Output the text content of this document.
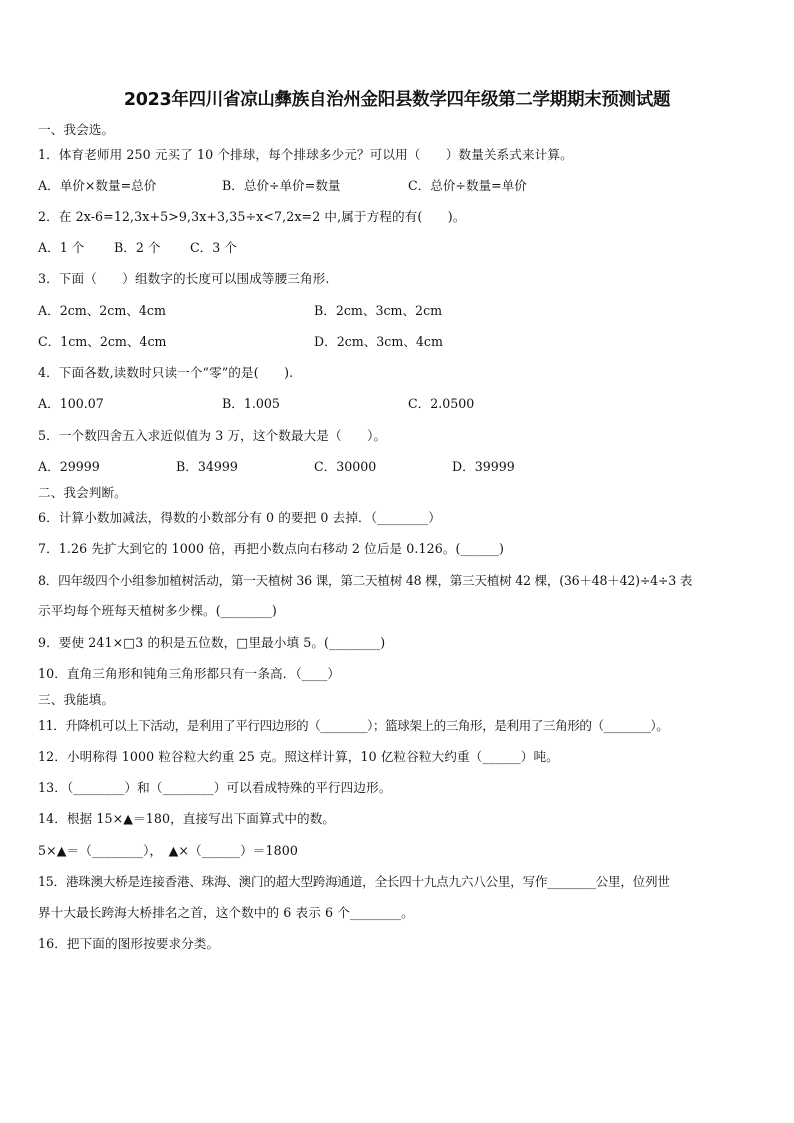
2023年四川省凉山彝族自治州金阳县数学四年级第二学期期末预测试题
一、我会选。
1．体育老师用 250 元买了 10 个排球，每个排球多少元？可以用（　　）数量关系式来计算。
A．单价×数量=总价	B．总价÷单价=数量	C．总价÷数量=单价
2．在 2x-6=12,3x+5>9,3x+3,35÷x<7,2x=2 中,属于方程的有(　　)。
A．1 个 B．2 个 C．3 个
3．下面（　　）组数字的长度可以围成等腰三角形.
A．2cm、2cm、4cm	B．2cm、3cm、2cm
C．1cm、2cm、4cm	D．2cm、3cm、4cm
4．下面各数,读数时只读一个“零”的是(　　).
A．100.07	B．1.005	C．2.0500
5．一个数四舍五入求近似值为 3 万，这个数最大是（　　）。
A．29999	B．34999	C．30000	D．39999
二、我会判断。
6．计算小数加减法，得数的小数部分有 0 的要把 0 去掉．（________）
7．1.26 先扩大到它的 1000 倍，再把小数点向右移动 2 位后是 0.126。(______)
8．四年级四个小组参加植树活动，第一天植树 36 课，第二天植树 48 棵，第三天植树 42 棵，(36＋48＋42)÷4÷3 表
示平均每个班每天植树多少棵。(________)
9．要使 241×□3 的积是五位数，□里最小填 5。(________)
10．直角三角形和钝角三角形都只有一条高．（____）
三、我能填。
11．升降机可以上下活动，是利用了平行四边形的（________）；篮球架上的三角形，是利用了三角形的（________）。
12．小明称得 1000 粒谷粒大约重 25 克。照这样计算，10 亿粒谷粒大约重（______）吨。
13．（________）和（________）可以看成特殊的平行四边形。
14．根据 15×▲＝180，直接写出下面算式中的数。
5×▲＝（________），　▲×（______）＝1800
15．港珠澳大桥是连接香港、珠海、澳门的超大型跨海通道，全长四十九点九六八公里，写作________公里，位列世
界十大最长跨海大桥排名之首，这个数中的 6 表示 6 个________。
16．把下面的图形按要求分类。
